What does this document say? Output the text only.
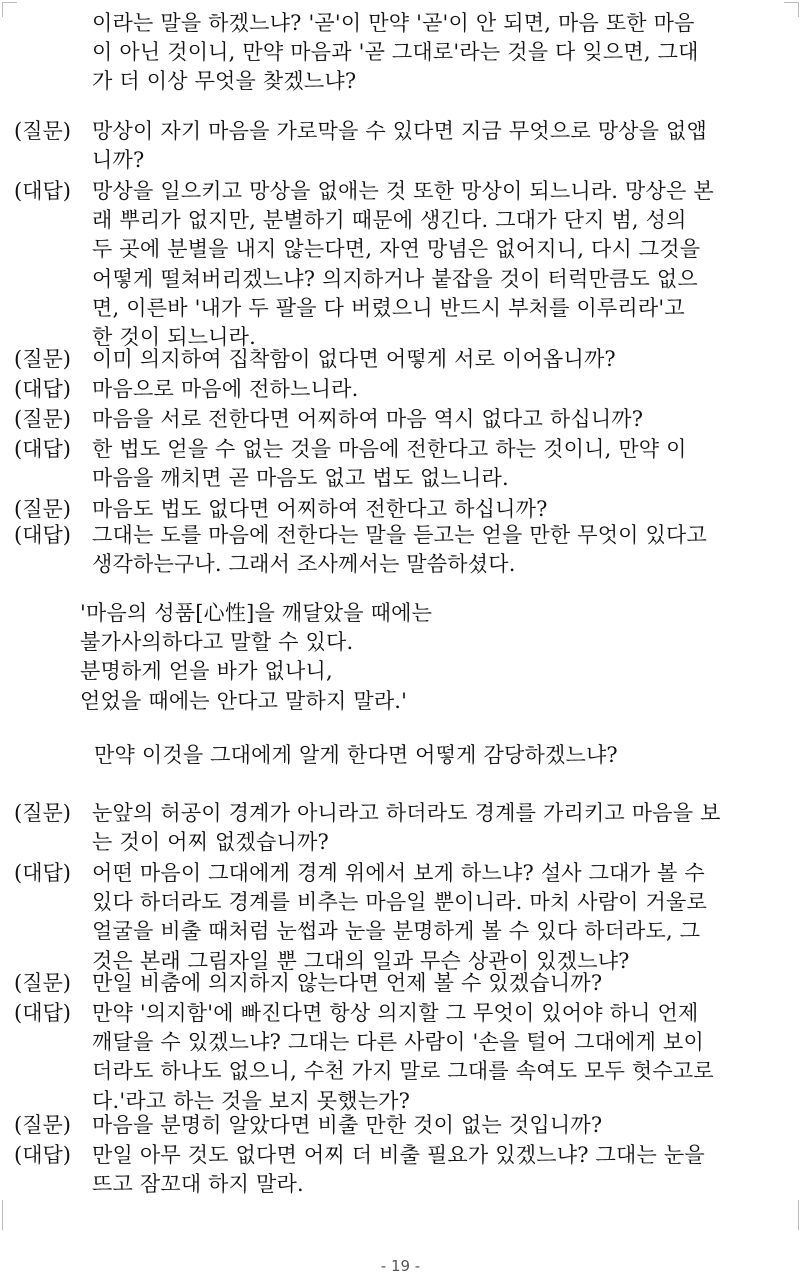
이라는 말을 하겠느냐? '곧'이 만약 '곧'이 안 되면, 마음 또한 마음
이 아닌 것이니, 만약 마음과 '곧 그대로'라는 것을 다 잊으면, 그대
가 더 이상 무엇을 찾겠느냐?
(질문) 망상이 자기 마음을 가로막을 수 있다면 지금 무엇으로 망상을 없앱
니까?
(대답) 망상을 일으키고 망상을 없애는 것 또한 망상이 되느니라. 망상은 본
래 뿌리가 없지만, 분별하기 때문에 생긴다. 그대가 단지 범, 성의
두 곳에 분별을 내지 않는다면, 자연 망념은 없어지니, 다시 그것을
어떻게 떨쳐버리겠느냐? 의지하거나 붙잡을 것이 터럭만큼도 없으
면, 이른바 '내가 두 팔을 다 버렸으니 반드시 부처를 이루리라'고
한 것이 되느니라.
(질문) 이미 의지하여 집착함이 없다면 어떻게 서로 이어옵니까?
(대답) 마음으로 마음에 전하느니라.
(질문) 마음을 서로 전한다면 어찌하여 마음 역시 없다고 하십니까?
(대답) 한 법도 얻을 수 없는 것을 마음에 전한다고 하는 것이니, 만약 이
마음을 깨치면 곧 마음도 없고 법도 없느니라.
(질문) 마음도 법도 없다면 어찌하여 전한다고 하십니까?
(대답) 그대는 도를 마음에 전한다는 말을 듣고는 얻을 만한 무엇이 있다고
생각하는구나. 그래서 조사께서는 말씀하셨다.
'마음의 성품[心性]을 깨달았을 때에는
불가사의하다고 말할 수 있다.
분명하게 얻을 바가 없나니,
얻었을 때에는 안다고 말하지 말라.'
만약 이것을 그대에게 알게 한다면 어떻게 감당하겠느냐?
(질문) 눈앞의 허공이 경계가 아니라고 하더라도 경계를 가리키고 마음을 보
는 것이 어찌 없겠습니까?
(대답) 어떤 마음이 그대에게 경계 위에서 보게 하느냐? 설사 그대가 볼 수
있다 하더라도 경계를 비추는 마음일 뿐이니라. 마치 사람이 거울로
얼굴을 비출 때처럼 눈썹과 눈을 분명하게 볼 수 있다 하더라도, 그
것은 본래 그림자일 뿐 그대의 일과 무슨 상관이 있겠느냐?
(질문) 만일 비춤에 의지하지 않는다면 언제 볼 수 있겠습니까?
(대답) 만약 '의지함'에 빠진다면 항상 의지할 그 무엇이 있어야 하니 언제
깨달을 수 있겠느냐? 그대는 다른 사람이 '손을 털어 그대에게 보이
더라도 하나도 없으니, 수천 가지 말로 그대를 속여도 모두 헛수고로
다.'라고 하는 것을 보지 못했는가?
(질문) 마음을 분명히 알았다면 비출 만한 것이 없는 것입니까?
(대답) 만일 아무 것도 없다면 어찌 더 비출 필요가 있겠느냐? 그대는 눈을
뜨고 잠꼬대 하지 말라.
- 19 -
